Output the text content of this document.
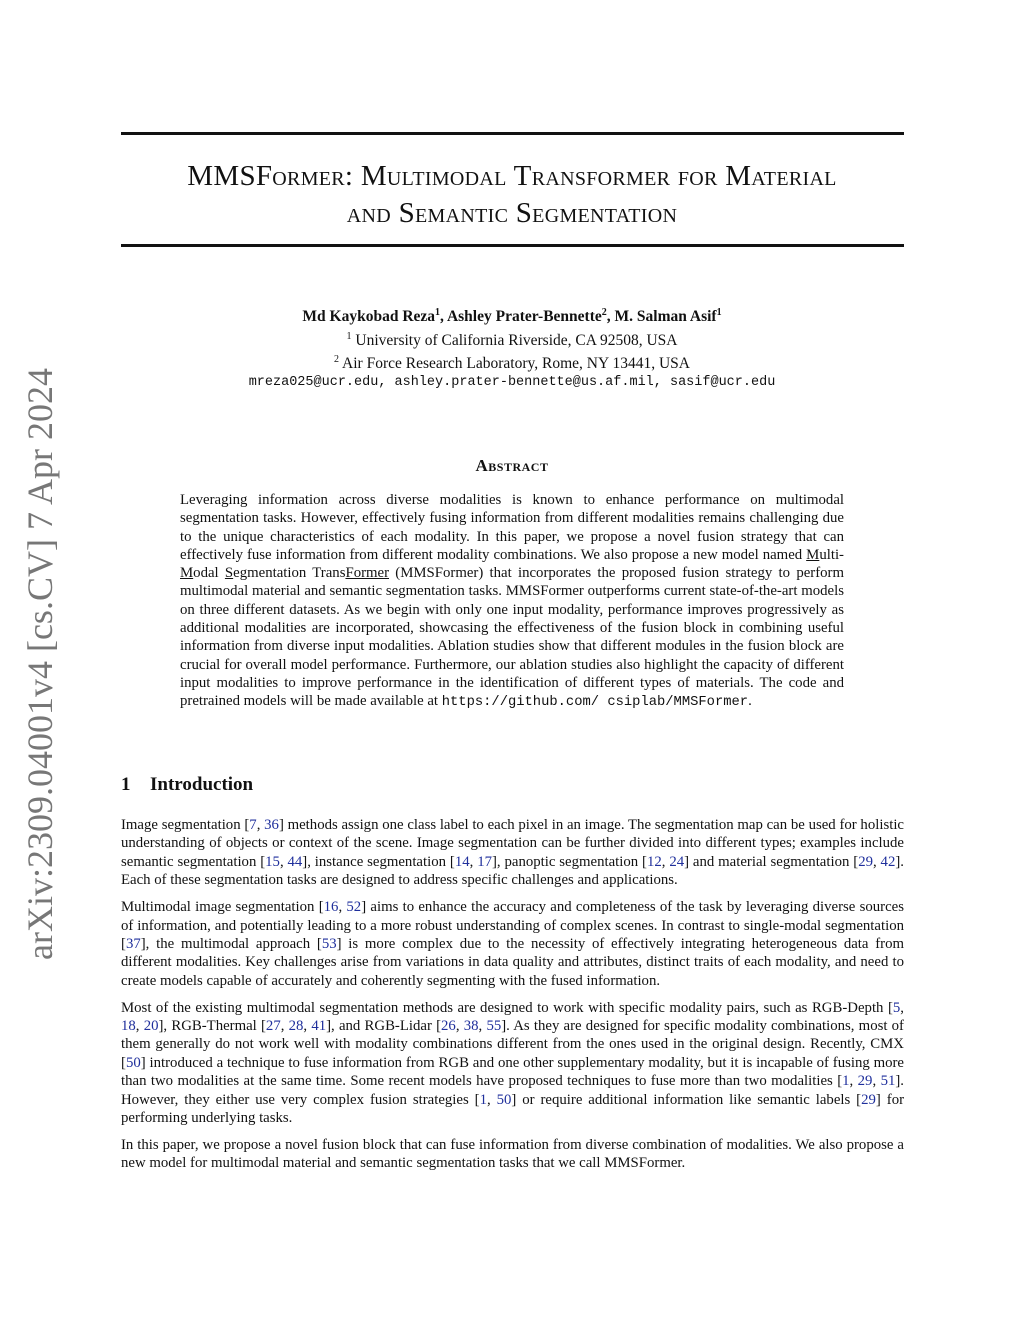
arXiv:2309.04001v4 [cs.CV] 7 Apr 2024
MMSFormer: Multimodal Transformer for Material
and Semantic Segmentation
Md Kaykobad Reza$^1$, Ashley Prater-Bennette$^2$, M. Salman Asif$^1$
$^1$ University of California Riverside, CA 92508, USA
$^2$ Air Force Research Laboratory, Rome, NY 13441, USA
mreza025@ucr.edu, ashley.prater-bennette@us.af.mil, sasif@ucr.edu
Abstract
Leveraging information across diverse modalities is known to enhance performance on multimodal segmentation tasks. However, effectively fusing information from different modalities remains challenging due to the unique characteristics of each modality. In this paper, we propose a novel fusion strategy that can effectively fuse information from different modality combinations. We also propose a new model named Multi-Modal Segmentation TransFormer (MMSFormer) that incorporates the proposed fusion strategy to perform multimodal material and semantic segmentation tasks. MMSFormer outperforms current state-of-the-art models on three different datasets. As we begin with only one input modality, performance improves progressively as additional modalities are incorporated, showcasing the effectiveness of the fusion block in combining useful information from diverse input modalities. Ablation studies show that different modules in the fusion block are crucial for overall model performance. Furthermore, our ablation studies also highlight the capacity of different input modalities to improve performance in the identification of different types of materials. The code and pretrained models will be made available at https://github.com/ csiplab/MMSFormer.
1 Introduction

Image segmentation [7, 36] methods assign one class label to each pixel in an image. The segmentation map can be used for holistic understanding of objects or context of the scene. Image segmentation can be further divided into different types; examples include semantic segmentation [15, 44], instance segmentation [14, 17], panoptic segmentation [12, 24] and material segmentation [29, 42]. Each of these segmentation tasks are designed to address specific challenges and applications.

Multimodal image segmentation [16, 52] aims to enhance the accuracy and completeness of the task by leveraging diverse sources of information, and potentially leading to a more robust understanding of complex scenes. In contrast to single-modal segmentation [37], the multimodal approach [53] is more complex due to the necessity of effectively integrating heterogeneous data from different modalities. Key challenges arise from variations in data quality and attributes, distinct traits of each modality, and need to create models capable of accurately and coherently segmenting with the fused information.

Most of the existing multimodal segmentation methods are designed to work with specific modality pairs, such as RGB-Depth [5, 18, 20], RGB-Thermal [27, 28, 41], and RGB-Lidar [26, 38, 55]. As they are designed for specific modality combinations, most of them generally do not work well with modality combinations different from the ones used in the original design. Recently, CMX [50] introduced a technique to fuse information from RGB and one other supplementary modality, but it is incapable of fusing more than two modalities at the same time. Some recent models have proposed techniques to fuse more than two modalities [1, 29, 51]. However, they either use very complex fusion strategies [1, 50] or require additional information like semantic labels [29] for performing underlying tasks.

In this paper, we propose a novel fusion block that can fuse information from diverse combination of modalities. We also propose a new model for multimodal material and semantic segmentation tasks that we call MMSFormer.
